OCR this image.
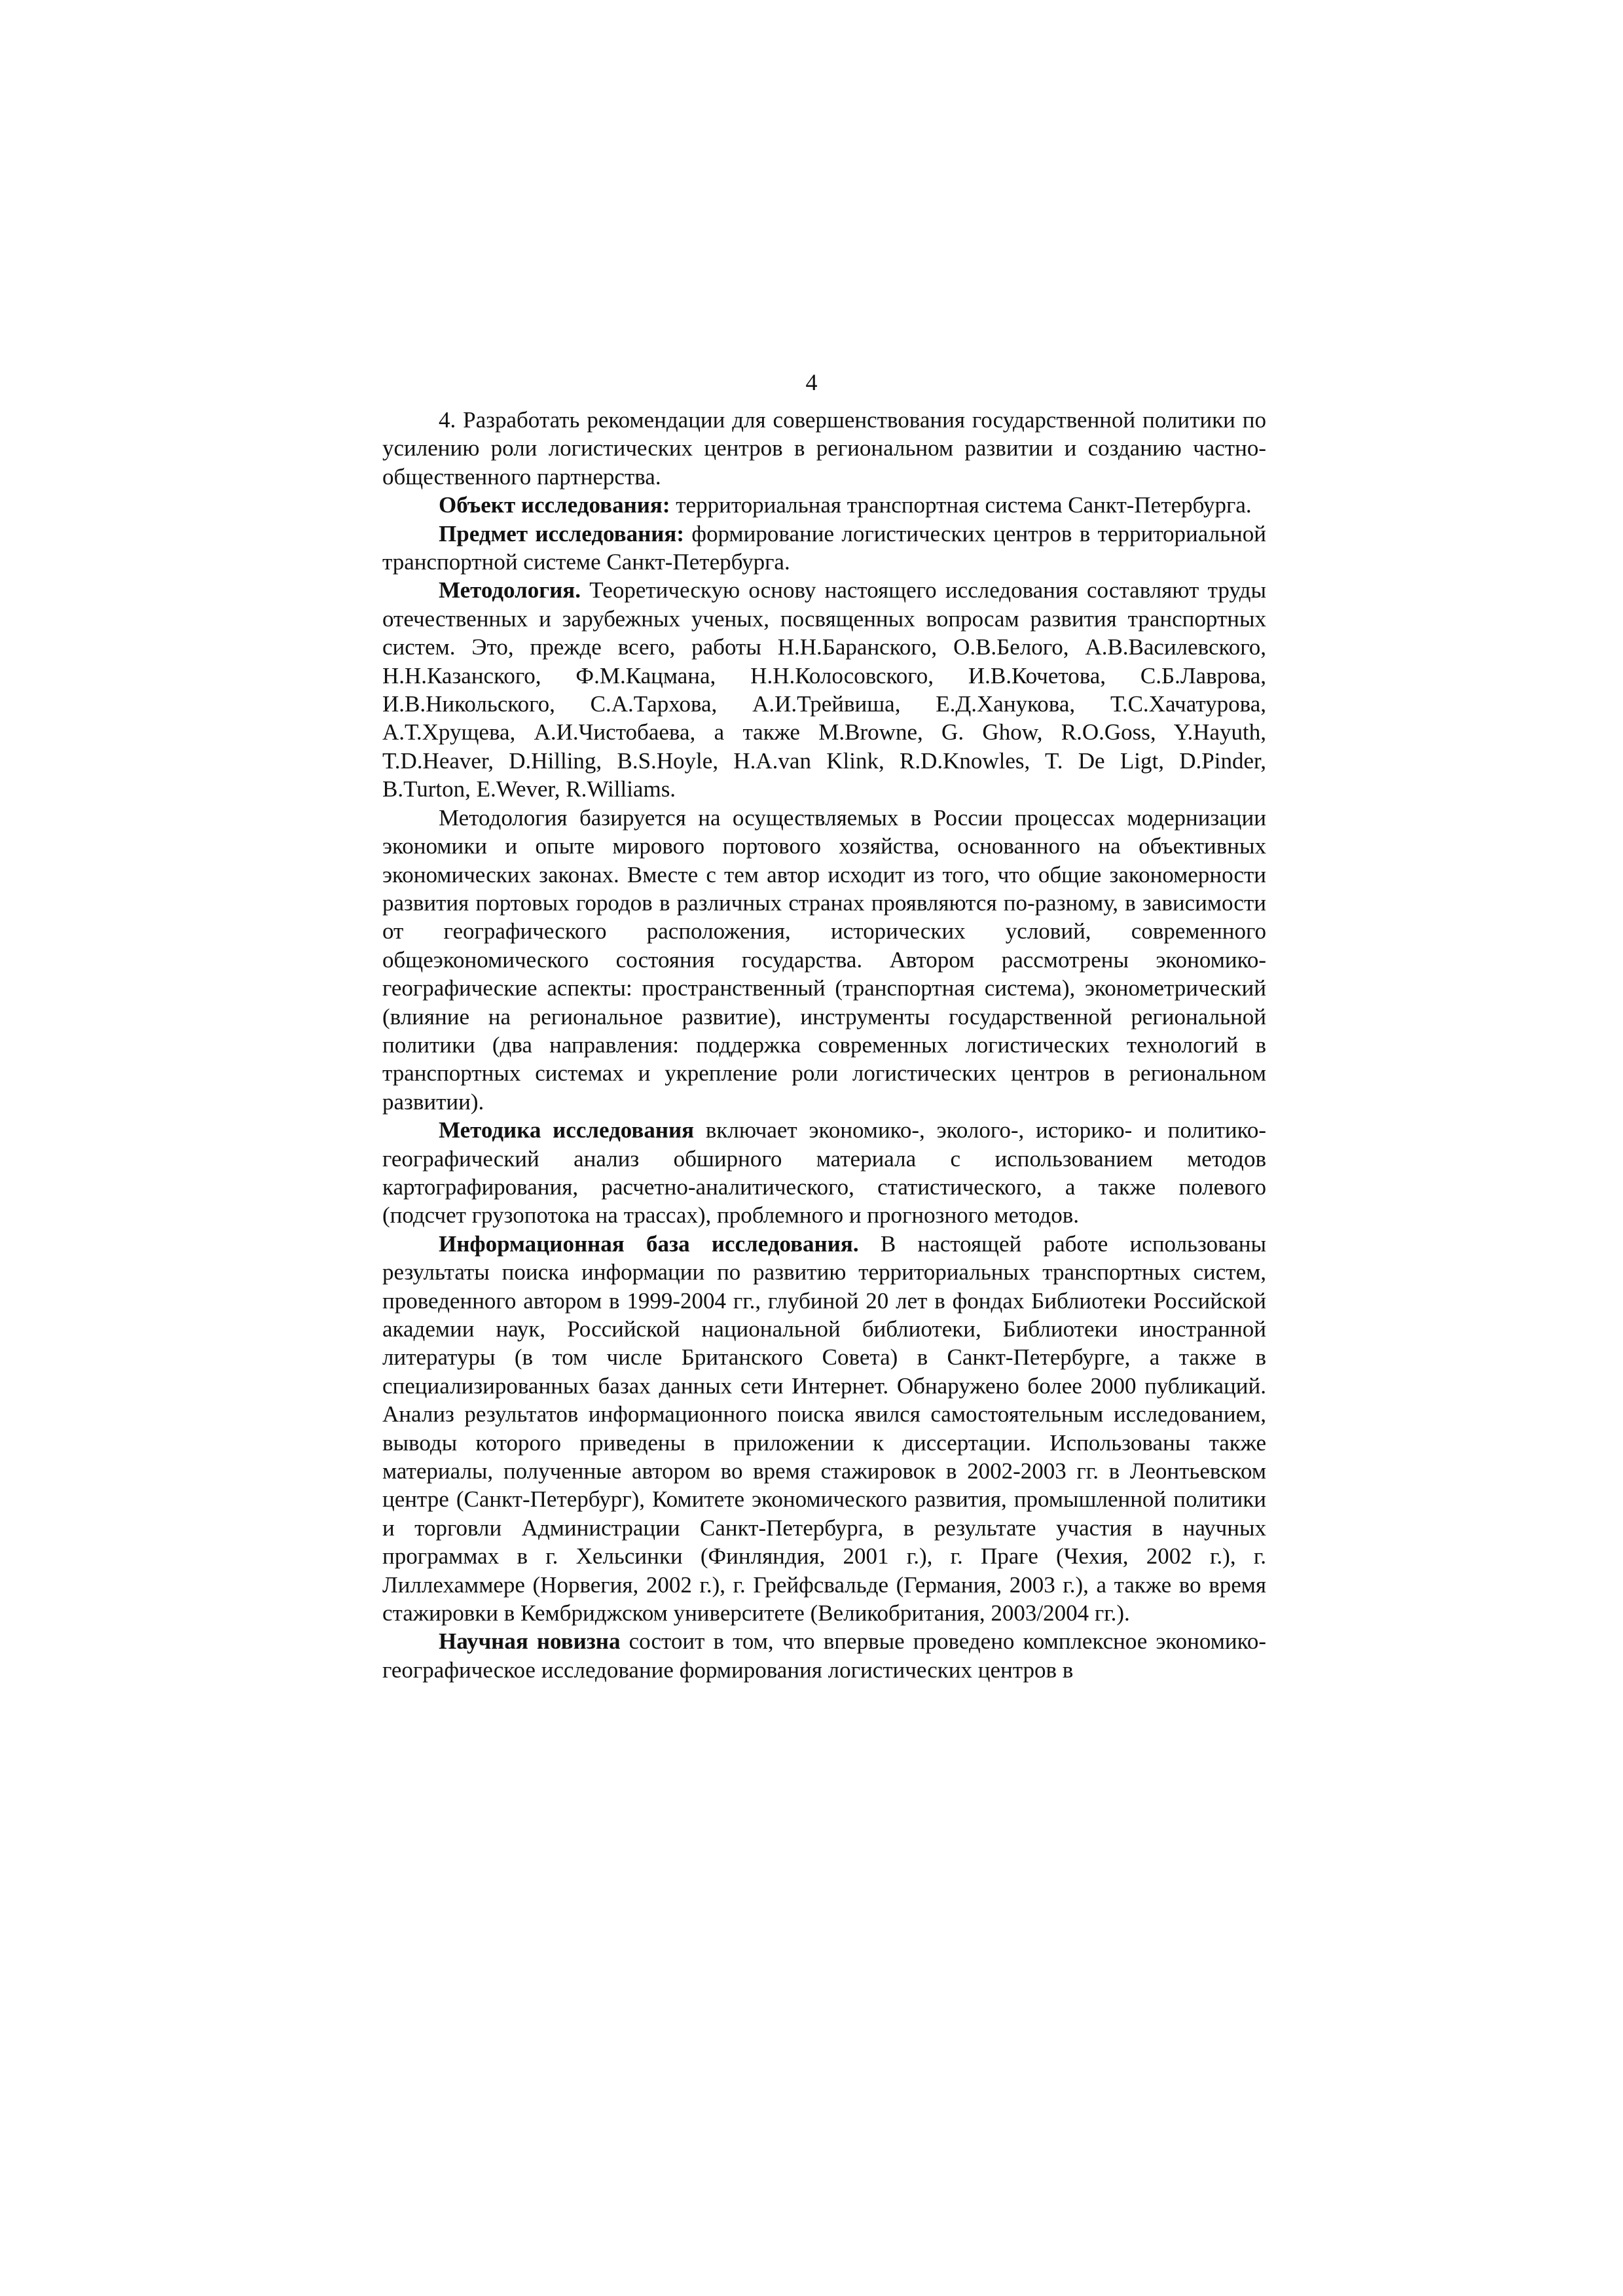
4

4. Разработать рекомендации для совершенствования государственной политики по усилению роли логистических центров в региональном развитии и созданию частно-общественного партнерства.

Объект исследования: территориальная транспортная система Санкт-Петербурга.

Предмет исследования: формирование логистических центров в территориальной транспортной системе Санкт-Петербурга.

Методология. Теоретическую основу настоящего исследования составляют труды отечественных и зарубежных ученых, посвященных вопросам развития транспортных систем. Это, прежде всего, работы Н.Н.Баранского, О.В.Белого, А.В.Василевского, Н.Н.Казанского, Ф.М.Кацмана, Н.Н.Колосовского, И.В.Кочетова, С.Б.Лаврова, И.В.Никольского, С.А.Тархова, А.И.Трейвиша, Е.Д.Ханукова, Т.С.Хачатурова, А.Т.Хрущева, А.И.Чистобаева, а также M.Browne, G. Ghow, R.O.Goss, Y.Hayuth, T.D.Heaver, D.Hilling, B.S.Hoyle, H.A.van Klink, R.D.Knowles, T. De Ligt, D.Pinder, B.Turton, E.Wever, R.Williams.

Методология базируется на осуществляемых в России процессах модернизации экономики и опыте мирового портового хозяйства, основанного на объективных экономических законах. Вместе с тем автор исходит из того, что общие закономерности развития портовых городов в различных странах проявляются по-разному, в зависимости от географического расположения, исторических условий, современного общеэкономического состояния государства. Автором рассмотрены экономико-географические аспекты: пространственный (транспортная система), эконометрический (влияние на региональное развитие), инструменты государственной региональной политики (два направления: поддержка современных логистических технологий в транспортных системах и укрепление роли логистических центров в региональном развитии).

Методика исследования включает экономико-, эколого-, историко- и политико-географический анализ обширного материала с использованием методов картографирования, расчетно-аналитического, статистического, а также полевого (подсчет грузопотока на трассах), проблемного и прогнозного методов.

Информационная база исследования. В настоящей работе использованы результаты поиска информации по развитию территориальных транспортных систем, проведенного автором в 1999-2004 гг., глубиной 20 лет в фондах Библиотеки Российской академии наук, Российской национальной библиотеки, Библиотеки иностранной литературы (в том числе Британского Совета) в Санкт-Петербурге, а также в специализированных базах данных сети Интернет. Обнаружено более 2000 публикаций. Анализ результатов информационного поиска явился самостоятельным исследованием, выводы которого приведены в приложении к диссертации. Использованы также материалы, полученные автором во время стажировок в 2002-2003 гг. в Леонтьевском центре (Санкт-Петербург), Комитете экономического развития, промышленной политики и торговли Администрации Санкт-Петербурга, в результате участия в научных программах в г. Хельсинки (Финляндия, 2001 г.), г. Праге (Чехия, 2002 г.), г. Лиллехаммере (Норвегия, 2002 г.), г. Грейфсвальде (Германия, 2003 г.), а также во время стажировки в Кембриджском университете (Великобритания, 2003/2004 гг.).

Научная новизна состоит в том, что впервые проведено комплексное экономико-географическое исследование формирования логистических центров в
